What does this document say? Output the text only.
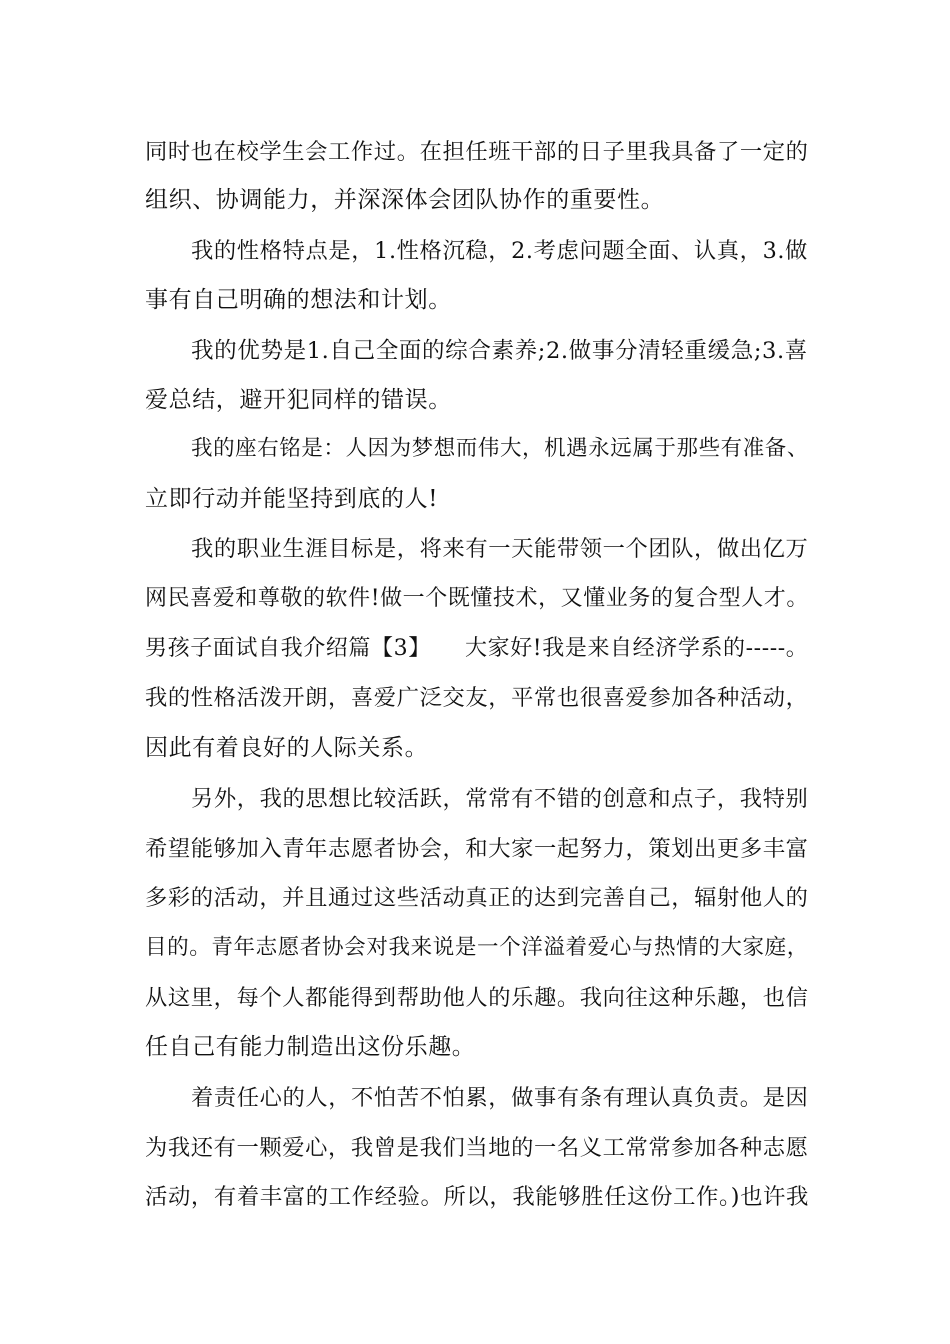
同时也在校学生会工作过。在担任班干部的日子里我具备了一定的
组织、协调能力，并深深体会团队协作的重要性。
我的性格特点是，1.性格沉稳，2.考虑问题全面、认真，3.做
事有自己明确的想法和计划。
我的优势是1.自己全面的综合素养;2.做事分清轻重缓急;3.喜
爱总结，避开犯同样的错误。
我的座右铭是：人因为梦想而伟大，机遇永远属于那些有准备、
立即行动并能坚持到底的人!
我的职业生涯目标是，将来有一天能带领一个团队，做出亿万
网民喜爱和尊敬的软件!做一个既懂技术，又懂业务的复合型人才。
男孩子面试自我介绍篇【3】　　大家好!我是来自经济学系的-----。
我的性格活泼开朗，喜爱广泛交友，平常也很喜爱参加各种活动，
因此有着良好的人际关系。
另外，我的思想比较活跃，常常有不错的创意和点子，我特别
希望能够加入青年志愿者协会，和大家一起努力，策划出更多丰富
多彩的活动，并且通过这些活动真正的达到完善自己，辐射他人的
目的。青年志愿者协会对我来说是一个洋溢着爱心与热情的大家庭，
从这里，每个人都能得到帮助他人的乐趣。我向往这种乐趣，也信
任自己有能力制造出这份乐趣。
着责任心的人，不怕苦不怕累，做事有条有理认真负责。是因
为我还有一颗爱心，我曾是我们当地的一名义工常常参加各种志愿
活动，有着丰富的工作经验。所以，我能够胜任这份工作。)也许我
